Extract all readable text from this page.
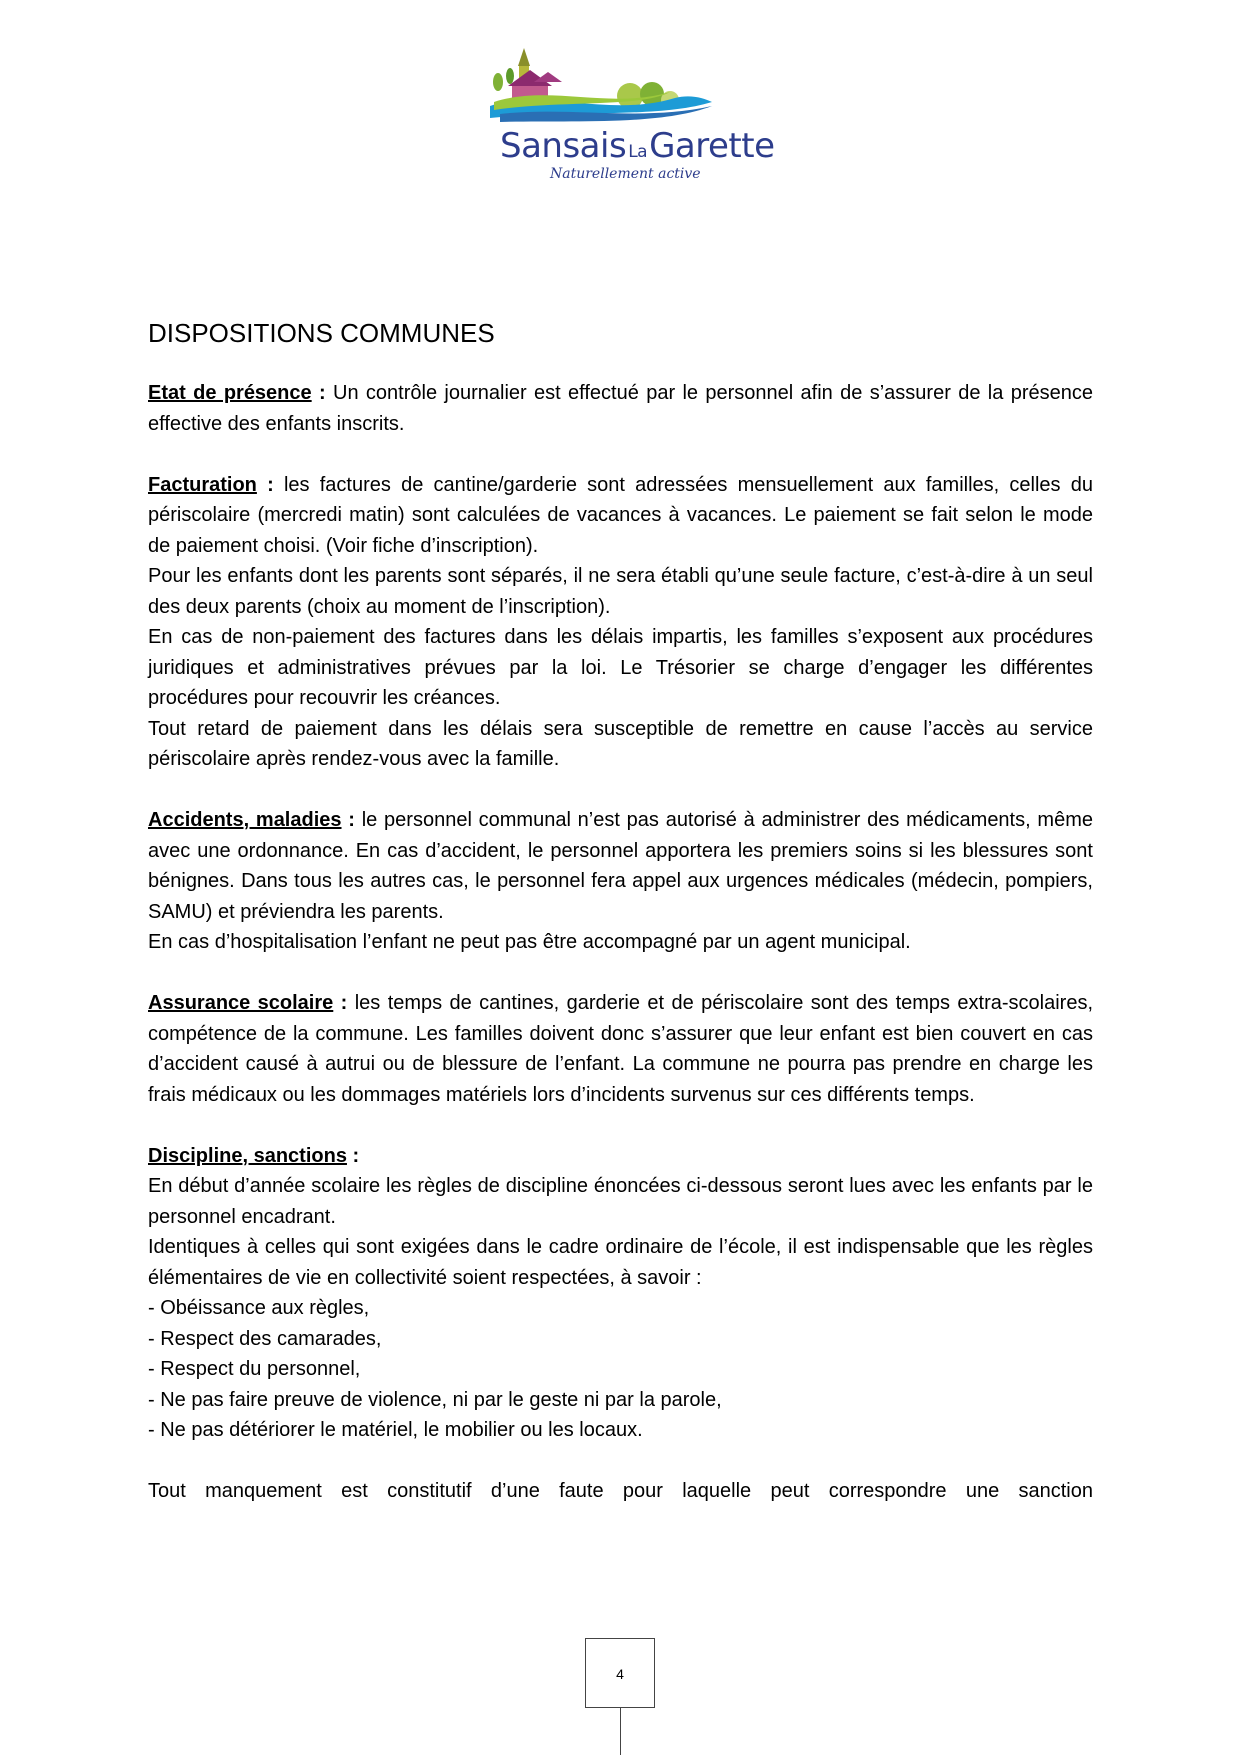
Sansais LaGarette
Naturellement active
DISPOSITIONS COMMUNES

Etat de présence : Un contrôle journalier est effectué par le personnel afin de s’assurer de la présence effective des enfants inscrits.

Facturation : les factures de cantine/garderie sont adressées mensuellement aux familles, celles du périscolaire (mercredi matin) sont calculées de vacances à vacances. Le paiement se fait selon le mode de paiement choisi. (Voir fiche d’inscription).

Pour les enfants dont les parents sont séparés, il ne sera établi qu’une seule facture, c’est-à-dire à un seul des deux parents (choix au moment de l’inscription).

En cas de non-paiement des factures dans les délais impartis, les familles s’exposent aux procédures juridiques et administratives prévues par la loi. Le Trésorier se charge d’engager les différentes procédures pour recouvrir les créances.

Tout retard de paiement dans les délais sera susceptible de remettre en cause l’accès au service périscolaire après rendez-vous avec la famille.

Accidents, maladies : le personnel communal n’est pas autorisé à administrer des médicaments, même avec une ordonnance. En cas d’accident, le personnel apportera les premiers soins si les blessures sont bénignes. Dans tous les autres cas, le personnel fera appel aux urgences médicales (médecin, pompiers, SAMU) et préviendra les parents.

En cas d’hospitalisation l’enfant ne peut pas être accompagné par un agent municipal.

Assurance scolaire : les temps de cantines, garderie et de périscolaire sont des temps extra-scolaires, compétence de la commune. Les familles doivent donc s’assurer que leur enfant est bien couvert en cas d’accident causé à autrui ou de blessure de l’enfant. La commune ne pourra pas prendre en charge les frais médicaux ou les dommages matériels lors d’incidents survenus sur ces différents temps.

Discipline, sanctions :

En début d’année scolaire les règles de discipline énoncées ci-dessous seront lues avec les enfants par le personnel encadrant.

Identiques à celles qui sont exigées dans le cadre ordinaire de l’école, il est indispensable que les règles élémentaires de vie en collectivité soient respectées, à savoir :

- Obéissance aux règles,
- Respect des camarades,
- Respect du personnel,
- Ne pas faire preuve de violence, ni par le geste ni par la parole,
- Ne pas détériorer le matériel, le mobilier ou les locaux.

Tout manquement est constitutif d’une faute pour laquelle peut correspondre une sanction

4
